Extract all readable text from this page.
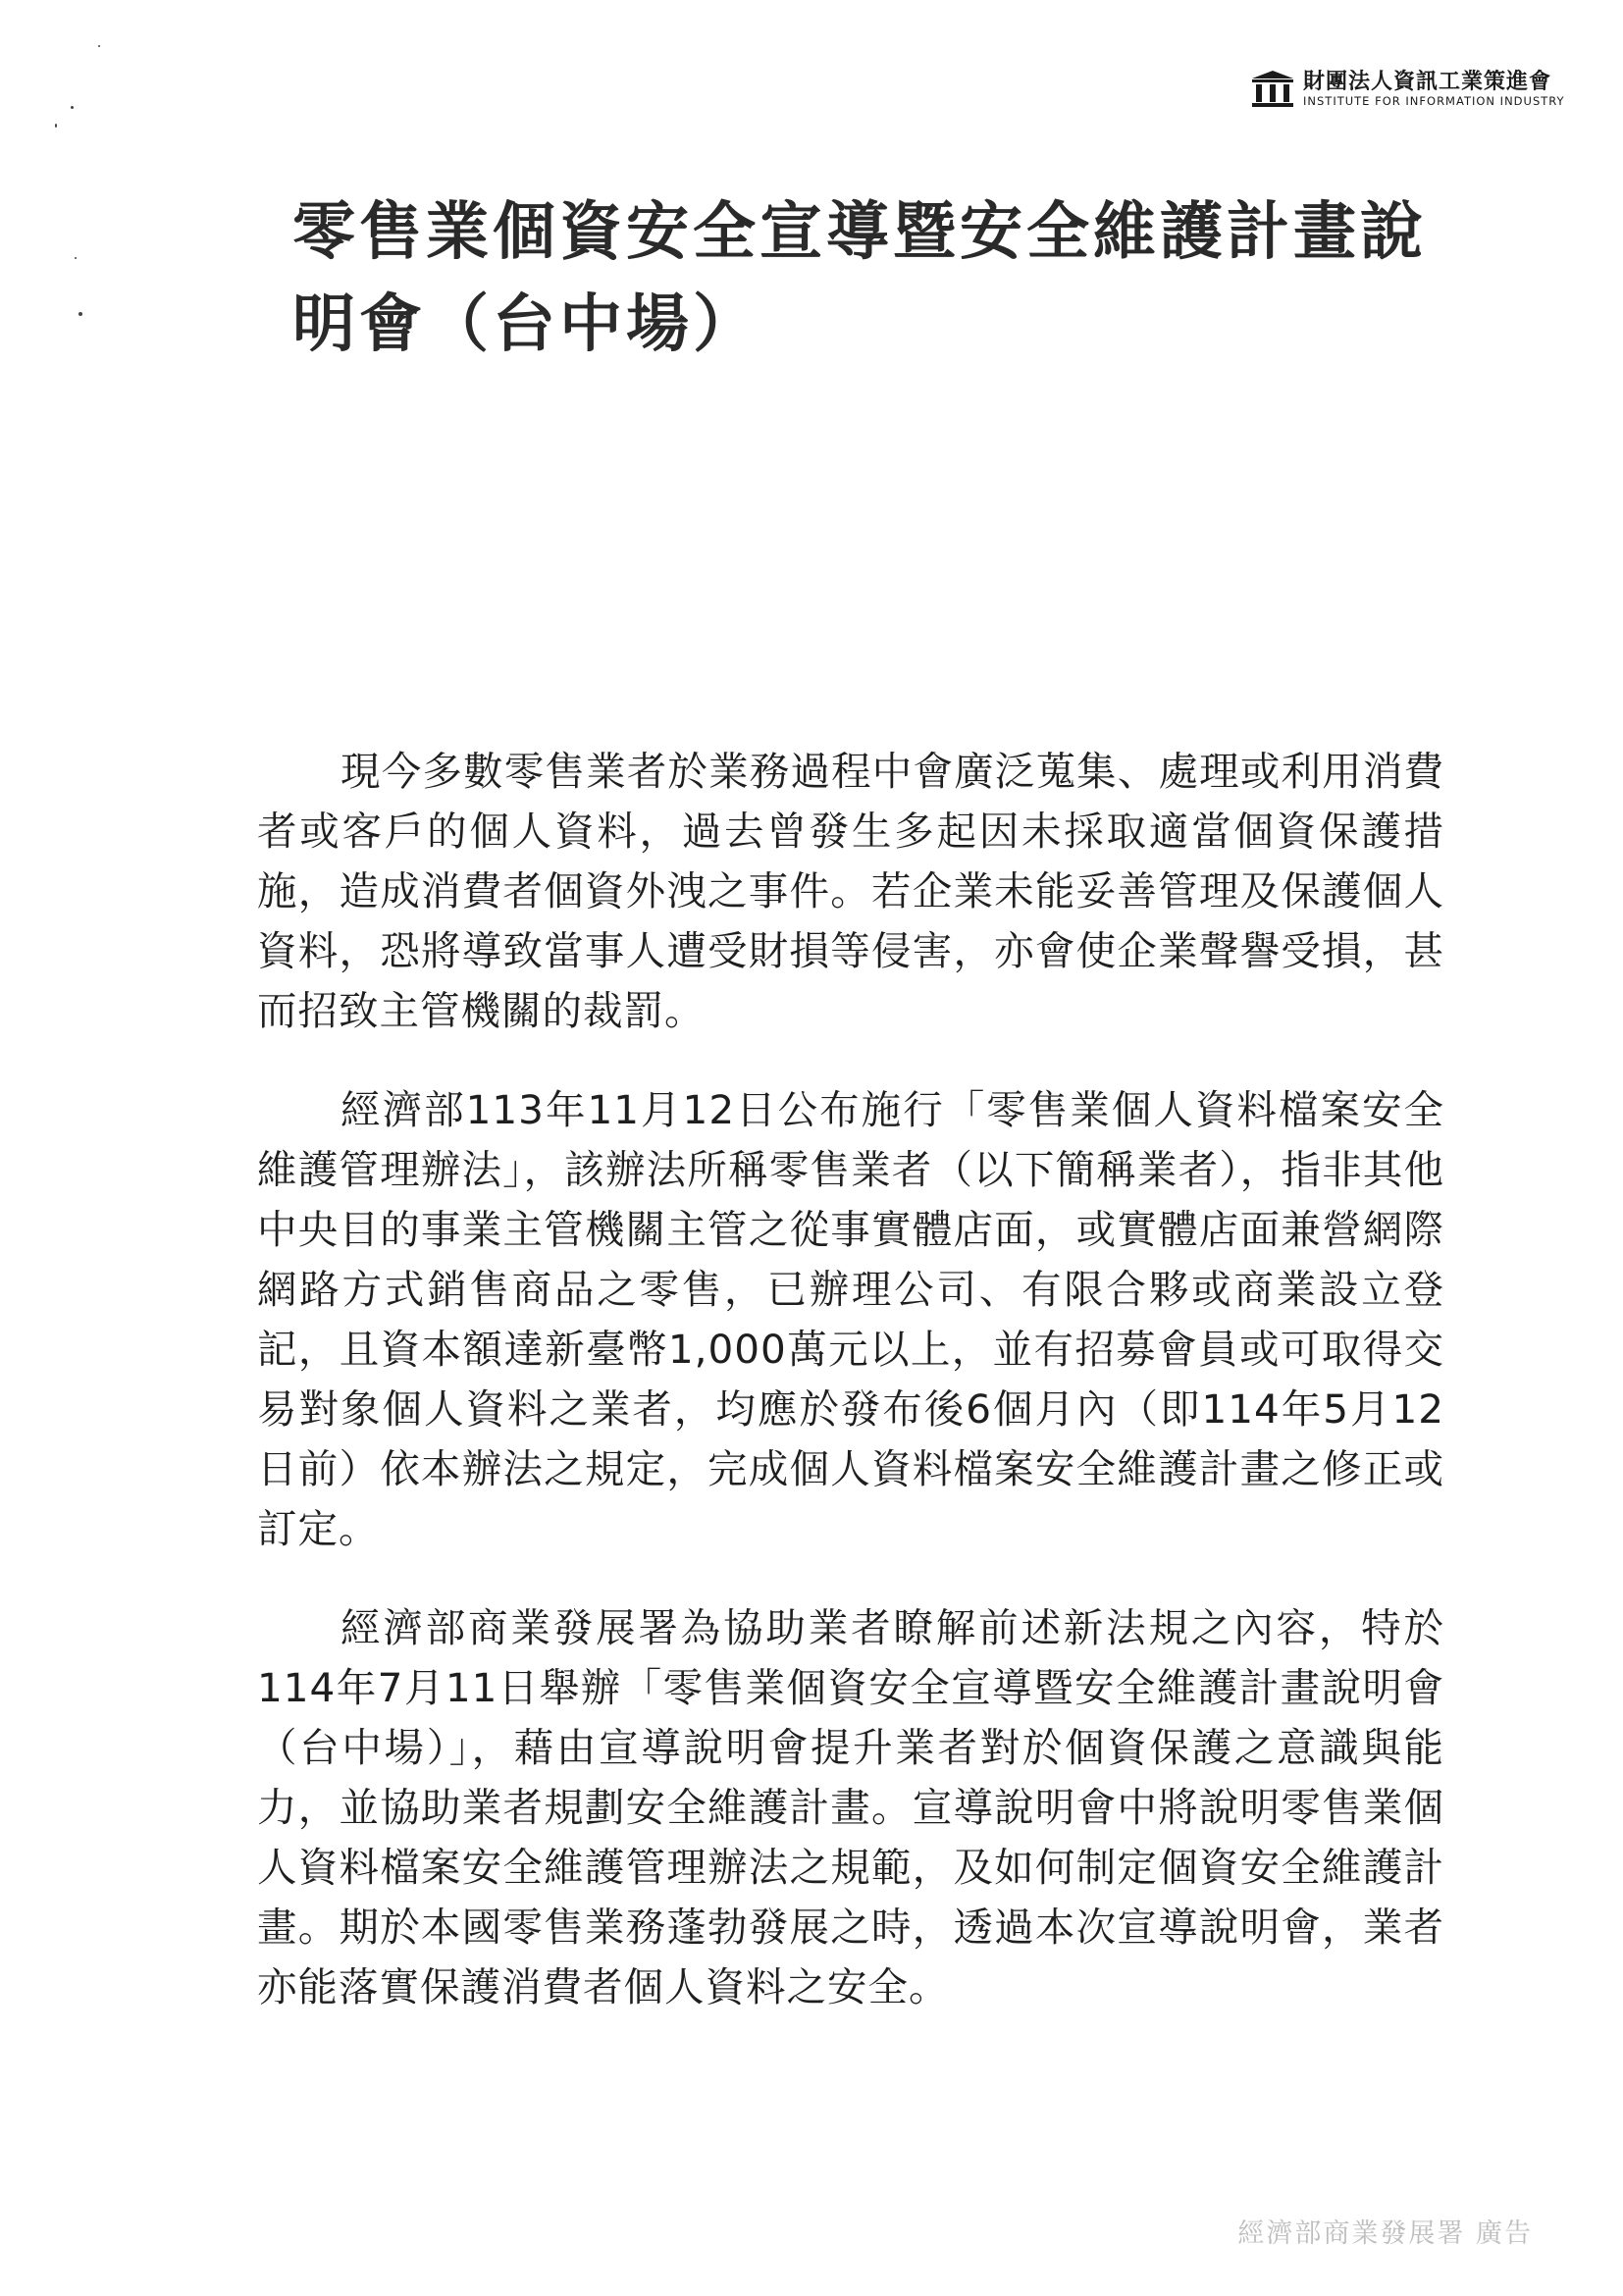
財團法人資訊工業策進會
INSTITUTE FOR INFORMATION INDUSTRY
零售業個資安全宣導暨安全維護計畫說明會（台中場）

現今多數零售業者於業務過程中會廣泛蒐集、處理或利用消費者或客戶的個人資料，過去曾發生多起因未採取適當個資保護措施，造成消費者個資外洩之事件。若企業未能妥善管理及保護個人資料，恐將導致當事人遭受財損等侵害，亦會使企業聲譽受損，甚而招致主管機關的裁罰。

經濟部113年11月12日公布施行「零售業個人資料檔案安全維護管理辦法」，該辦法所稱零售業者（以下簡稱業者），指非其他中央目的事業主管機關主管之從事實體店面，或實體店面兼營網際網路方式銷售商品之零售，已辦理公司、有限合夥或商業設立登記，且資本額達新臺幣1,000萬元以上，並有招募會員或可取得交易對象個人資料之業者，均應於發布後6個月內（即114年5月12日前）依本辦法之規定，完成個人資料檔案安全維護計畫之修正或訂定。

經濟部商業發展署為協助業者瞭解前述新法規之內容，特於114年7月11日舉辦「零售業個資安全宣導暨安全維護計畫說明會（台中場）」，藉由宣導說明會提升業者對於個資保護之意識與能力，並協助業者規劃安全維護計畫。宣導說明會中將說明零售業個人資料檔案安全維護管理辦法之規範，及如何制定個資安全維護計畫。期於本國零售業務蓬勃發展之時，透過本次宣導說明會，業者亦能落實保護消費者個人資料之安全。

經濟部商業發展署 廣告
